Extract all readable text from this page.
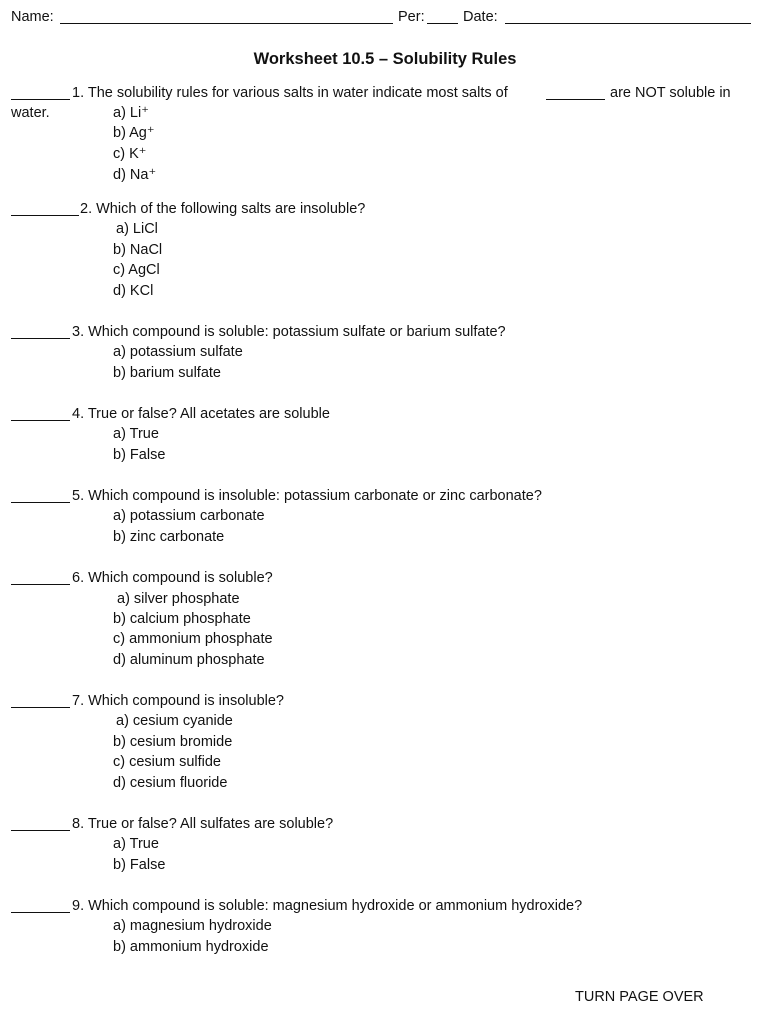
Name:	Per:	Date:
Worksheet 10.5 – Solubility Rules
1. The solubility rules for various salts in water indicate most salts of	are NOT soluble in
water.	a) Li⁺
b) Ag⁺
c) K⁺
d) Na⁺
2. Which of the following salts are insoluble?
a) LiCl
b) NaCl
c) AgCl
d) KCl
3. Which compound is soluble: potassium sulfate or barium sulfate?
a) potassium sulfate
b) barium sulfate
4. True or false? All acetates are soluble
a) True
b) False
5. Which compound is insoluble: potassium carbonate or zinc carbonate?
a) potassium carbonate
b) zinc carbonate
6. Which compound is soluble?
a) silver phosphate
b) calcium phosphate
c) ammonium phosphate
d) aluminum phosphate
7. Which compound is insoluble?
a) cesium cyanide
b) cesium bromide
c) cesium sulfide
d) cesium fluoride
8. True or false? All sulfates are soluble?
a) True
b) False
9. Which compound is soluble: magnesium hydroxide or ammonium hydroxide?
a) magnesium hydroxide
b) ammonium hydroxide
TURN PAGE OVER
